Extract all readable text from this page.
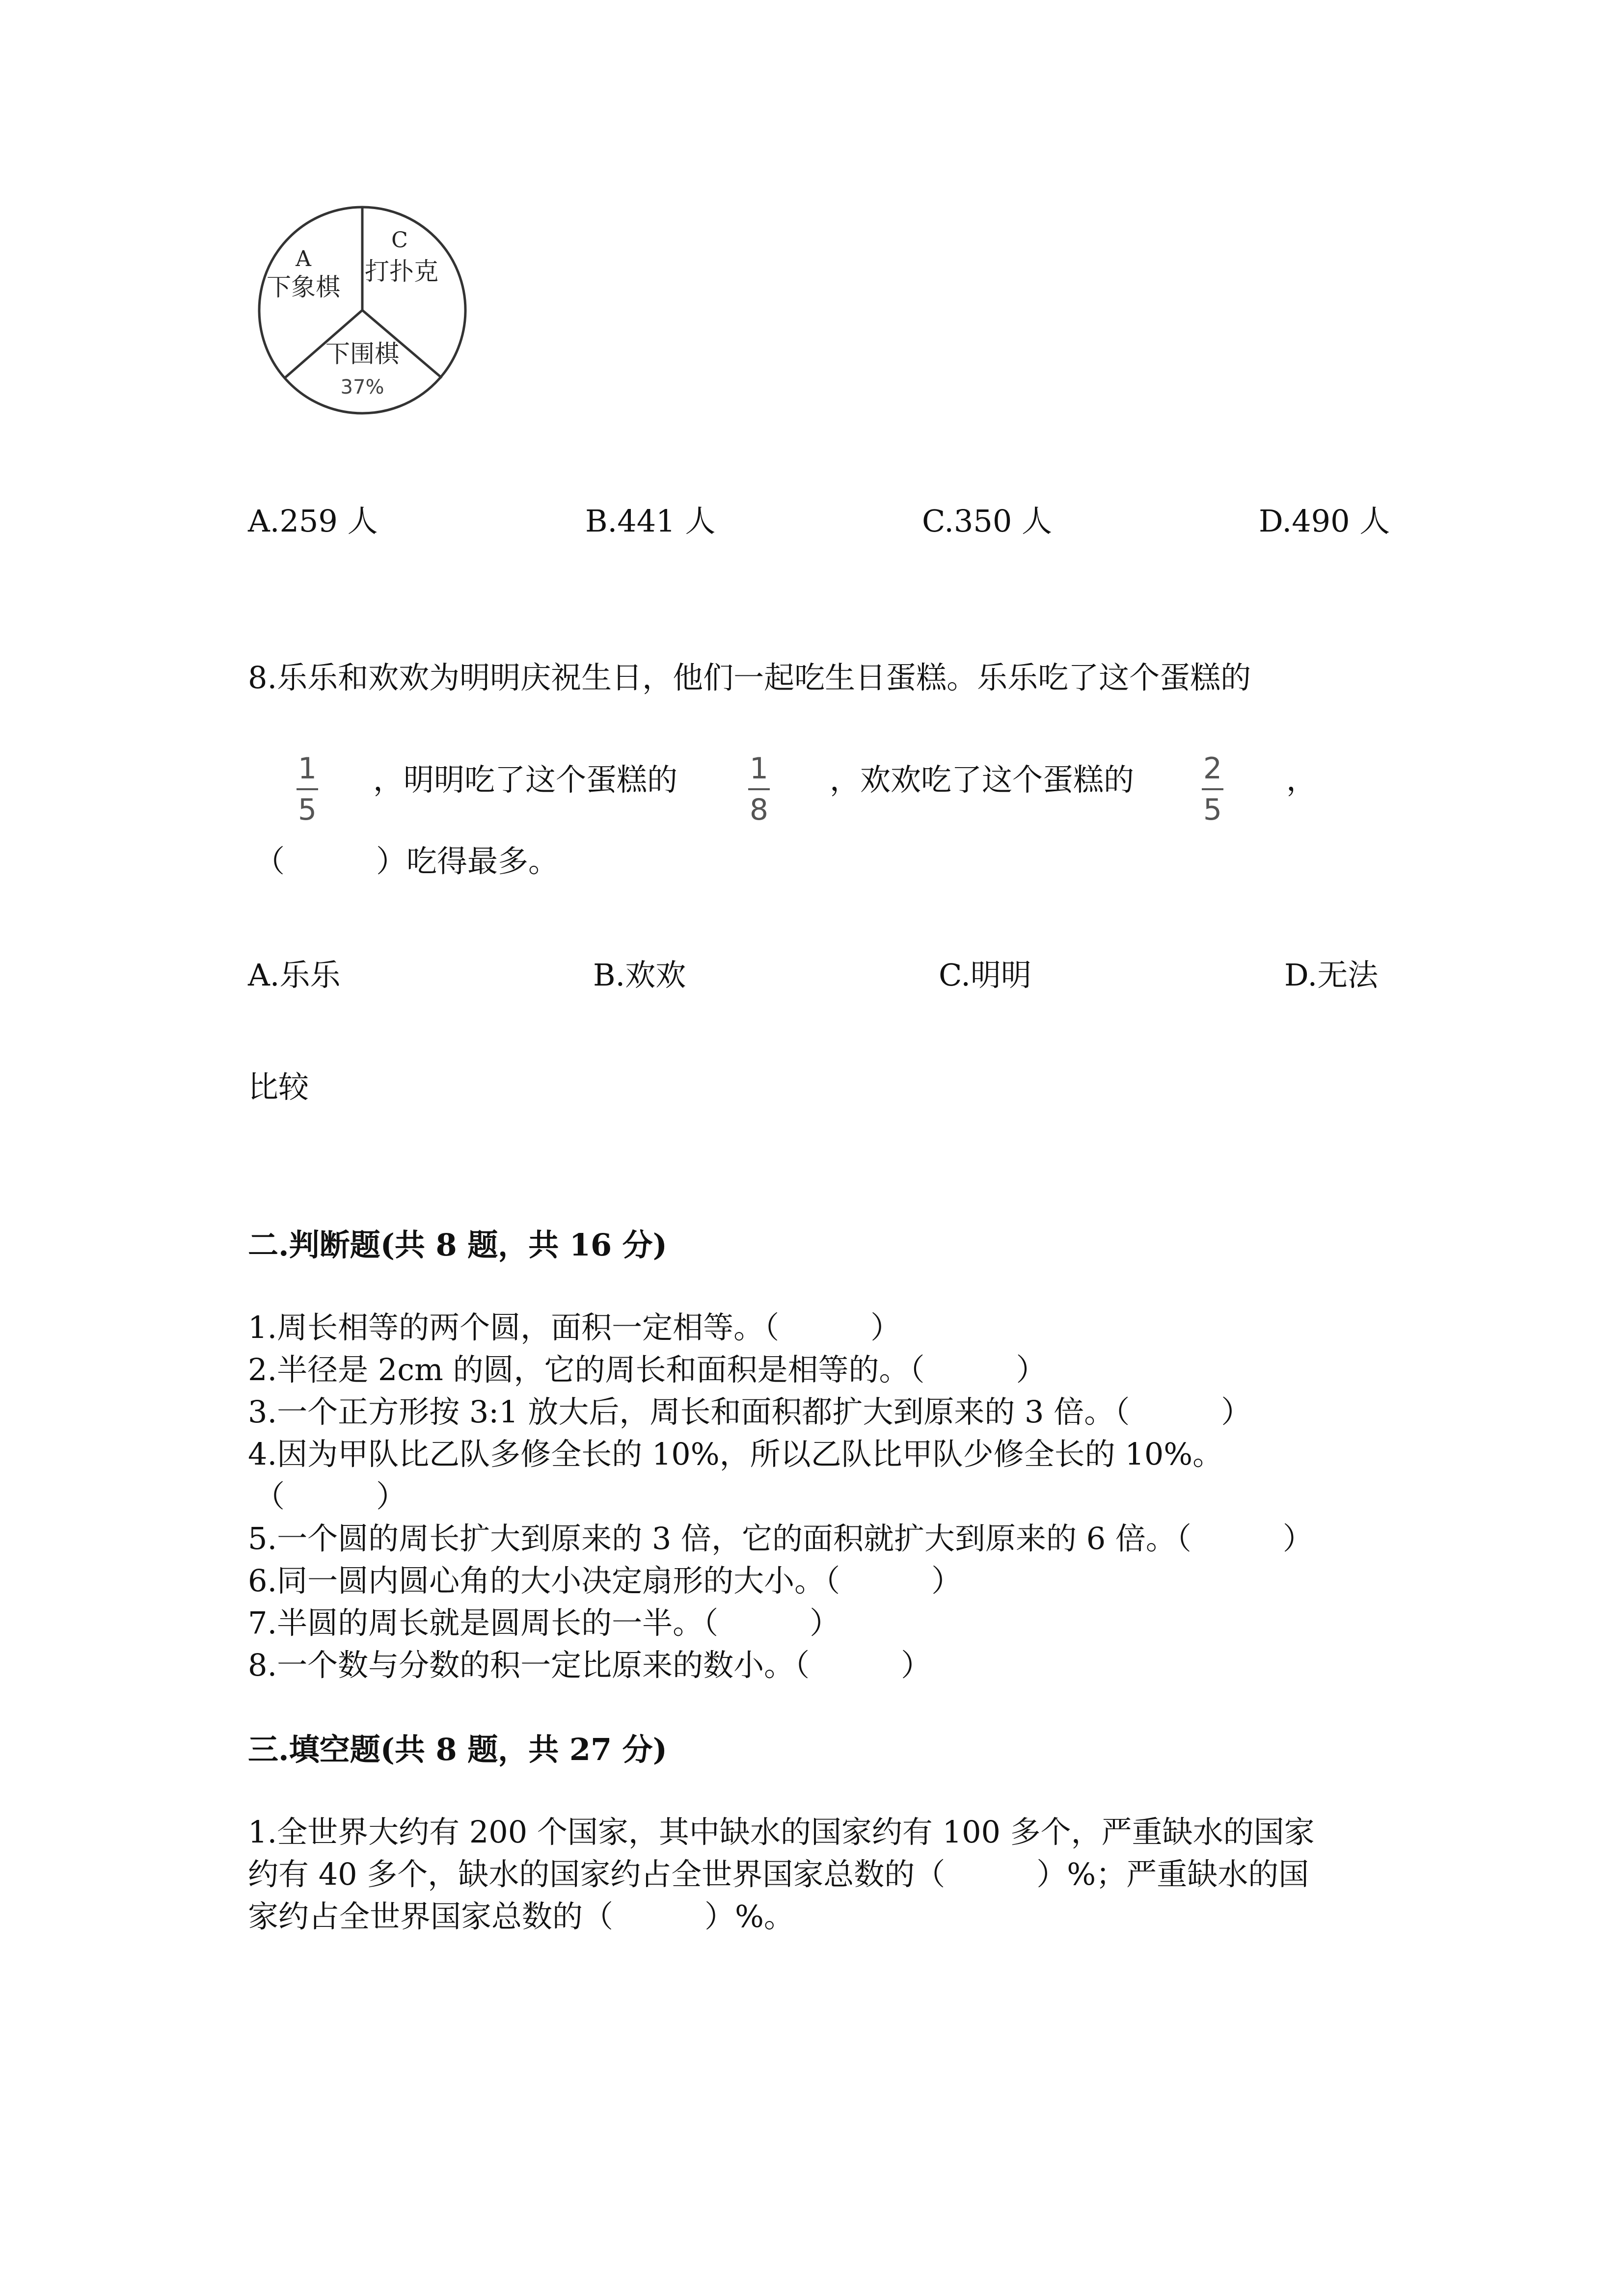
A
下象棋
C
打扑克
下围棋
37%
A.259 人	B.441 人	C.350 人	D.490 人
8.乐乐和欢欢为明明庆祝生日，他们一起吃生日蛋糕。乐乐吃了这个蛋糕的
1
5
，明明吃了这个蛋糕的 1
8
，欢欢吃了这个蛋糕的 2
5
，
（　　　）吃得最多。
A.乐乐	B.欢欢	C.明明	D.无法
比较
二.判断题(共 8 题，共 16 分)
1.周长相等的两个圆，面积一定相等。（　　　）
2.半径是 2cm 的圆，它的周长和面积是相等的。（　　　）
3.一个正方形按 3:1 放大后，周长和面积都扩大到原来的 3 倍。（　　　）
4.因为甲队比乙队多修全长的 10%，所以乙队比甲队少修全长的 10%。
（　　　）
5.一个圆的周长扩大到原来的 3 倍，它的面积就扩大到原来的 6 倍。（　　　）
6.同一圆内圆心角的大小决定扇形的大小。（　　　）
7.半圆的周长就是圆周长的一半。（　　　）
8.一个数与分数的积一定比原来的数小。（　　　）
三.填空题(共 8 题，共 27 分)
1.全世界大约有 200 个国家，其中缺水的国家约有 100 多个，严重缺水的国家
约有 40 多个，缺水的国家约占全世界国家总数的（　　　）%；严重缺水的国
家约占全世界国家总数的（　　　）%。
